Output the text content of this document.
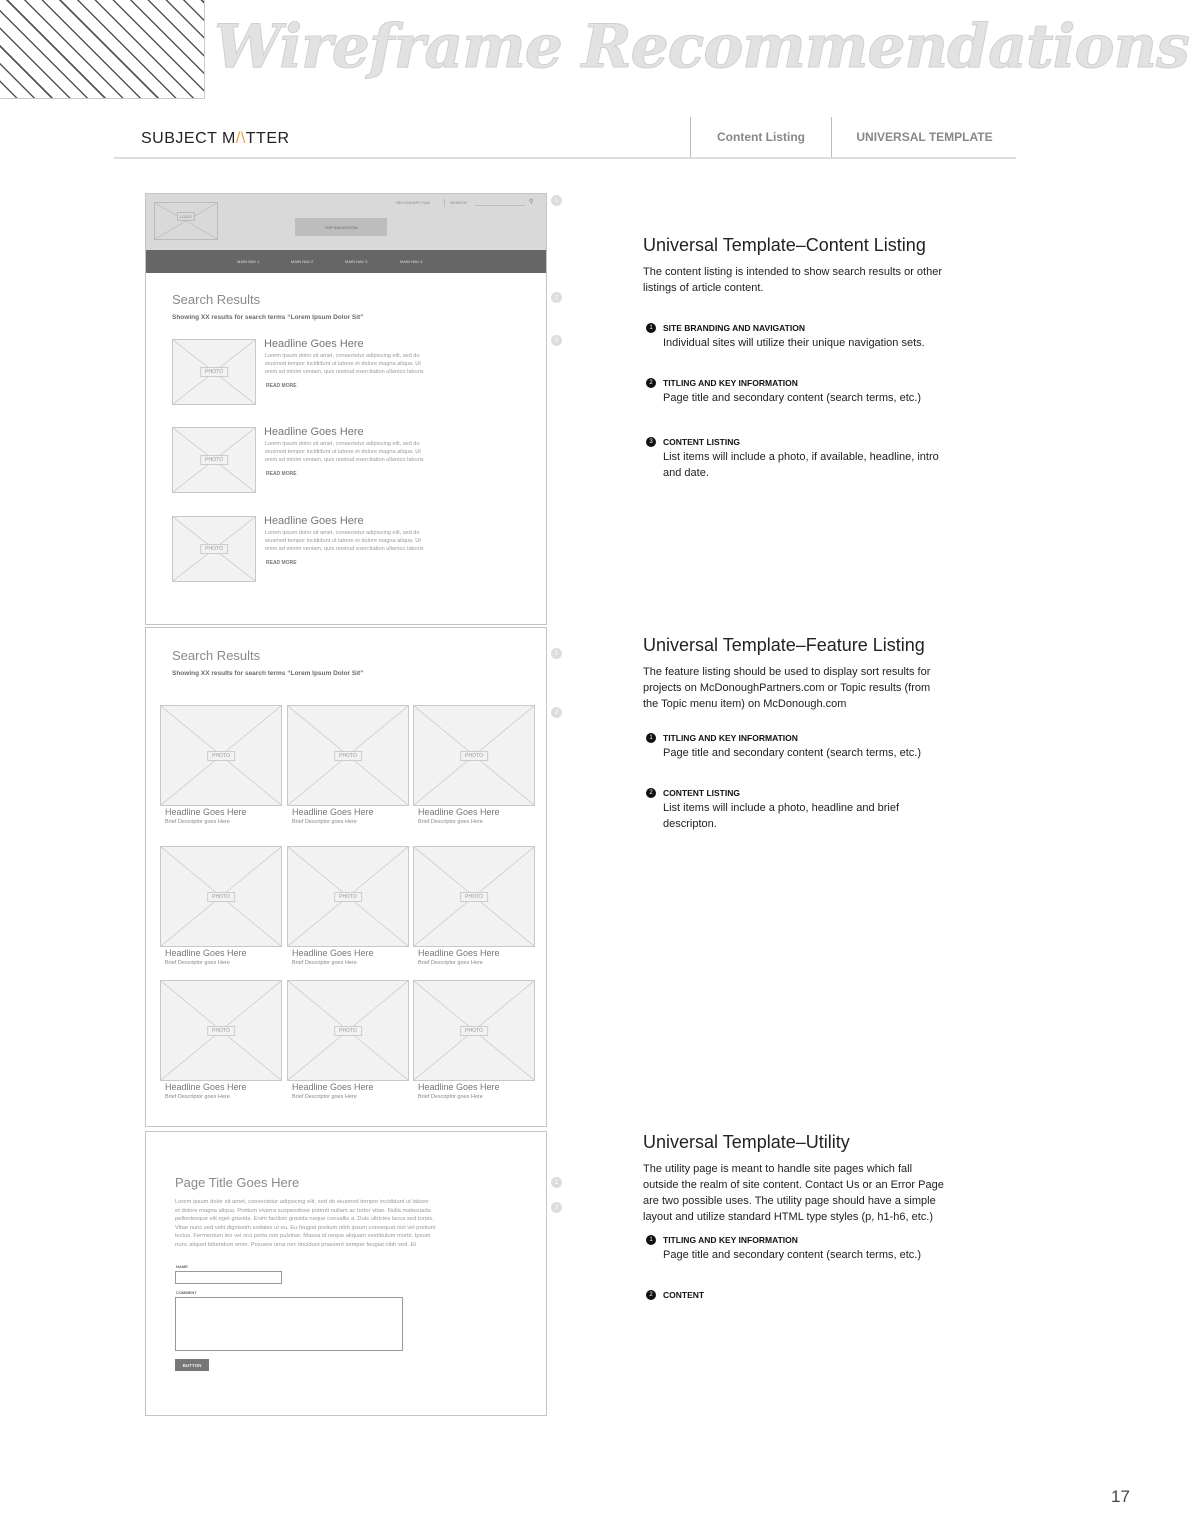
Wireframe Recommendations
SUBJECT M/\TTER	Content Listing	UNIVERSAL TEMPLATE
SECONDARY NAV	SEARCH	⚲
LOGO
TOP NAVIGATION
MAIN NAV 1	MAIN NAV 2	MAIN NAV 3	MAIN NAV 4
Search Results
Showing XX results for search terms “Lorem Ipsum Dolor Sit”
PHOTO
Headline Goes Here
Lorem ipsum dolor sit amet, consectetur adipiscing elit, sed do
eiusmod tempor incididunt ut labore et dolore magna aliqua. Ut
enim ad minim veniam, quis nostrud exercitation ullamco laboris
READ MORE
PHOTO
Headline Goes Here
Lorem ipsum dolor sit amet, consectetur adipiscing elit, sed do
eiusmod tempor incididunt ut labore et dolore magna aliqua. Ut
enim ad minim veniam, quis nostrud exercitation ullamco laboris
READ MORE
PHOTO
Headline Goes Here
Lorem ipsum dolor sit amet, consectetur adipiscing elit, sed do
eiusmod tempor incididunt ut labore et dolore magna aliqua. Ut
enim ad minim veniam, quis nostrud exercitation ullamco laboris
READ MORE
1
2
3
Search Results
Showing XX results for search terms “Lorem Ipsum Dolor Sit”
PHOTO
Headline Goes Here
Brief Descriptor goes Here
PHOTO
Headline Goes Here
Brief Descriptor goes Here
PHOTO
Headline Goes Here
Brief Descriptor goes Here
PHOTO
Headline Goes Here
Brief Descriptor goes Here
PHOTO
Headline Goes Here
Brief Descriptor goes Here
PHOTO
Headline Goes Here
Brief Descriptor goes Here
PHOTO
Headline Goes Here
Brief Descriptor goes Here
PHOTO
Headline Goes Here
Brief Descriptor goes Here
PHOTO
Headline Goes Here
Brief Descriptor goes Here
1
2
Page Title Goes Here
Lorem ipsum dolor sit amet, consectetur adipiscing elit, sed do eiusmod tempor incididunt ut labore
et dolore magna aliqua. Pretium viverra suspendisse potenti nullam ac tortor vitae. Nulla malesuada
pellentesque elit eget gravida. Enim facilisis gravida neque convallis a. Duis ultricies lacus sed turpis.
Vitae nunc sed velit dignissim sodales ut eu. Eu feugiat pretium nibh ipsum consequat nisl vel pretium
lectus. Fermentum leo vel orci porta non pulvinar. Massa id neque aliquam vestibulum morbi. Ipsum
nunc aliquet bibendum enim. Posuere urna nec tincidunt praesent semper feugiat nibh sed. Et
NAME
COMMENT
BUTTON
1
2
Universal Template–Content Listing
The content listing is intended to show search results or other
listings of article content.
1	SITE BRANDING AND NAVIGATION
Individual sites will utilize their unique navigation sets.
2	TITLING AND KEY INFORMATION
Page title and secondary content (search terms, etc.)
3	CONTENT LISTING
List items will include a photo, if available, headline, intro
and date.
Universal Template–Feature Listing
The feature listing should be used to display sort results for
projects on McDonoughPartners.com or Topic results (from
the Topic menu item) on McDonough.com
1	TITLING AND KEY INFORMATION
Page title and secondary content (search terms, etc.)
2	CONTENT LISTING
List items will include a photo, headline and brief
descripton.
Universal Template–Utility
The utility page is meant to handle site pages which fall
outside the realm of site content. Contact Us or an Error Page
are two possible uses. The utility page should have a simple
layout and utilize standard HTML type styles (p, h1-h6, etc.)
1	TITLING AND KEY INFORMATION
Page title and secondary content (search terms, etc.)
2	CONTENT
17
